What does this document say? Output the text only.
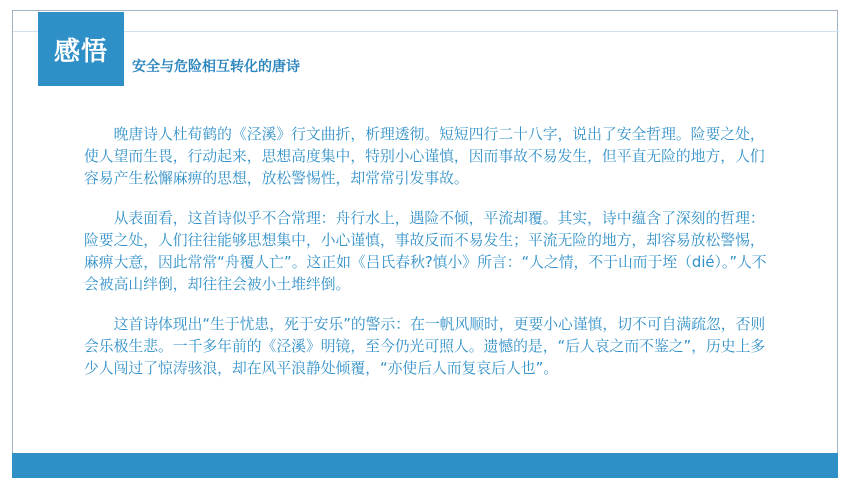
感悟
安全与危险相互转化的唐诗

晚唐诗人杜荀鹤的《泾溪》行文曲折，析理透彻。短短四行二十八字，说出了安全哲理。险要之处，使人望而生畏，行动起来，思想高度集中，特别小心谨慎，因而事故不易发生，但平直无险的地方，人们容易产生松懈麻痹的思想，放松警惕性，却常常引发事故。

从表面看，这首诗似乎不合常理：舟行水上，遇险不倾，平流却覆。其实，诗中蕴含了深刻的哲理：险要之处，人们往往能够思想集中，小心谨慎，事故反而不易发生；平流无险的地方，却容易放松警惕，麻痹大意，因此常常“舟覆人亡”。这正如《吕氏春秋?慎小》所言：“人之情，不于山而于垤（dié）。”人不会被高山绊倒，却往往会被小土堆绊倒。

这首诗体现出“生于忧患，死于安乐”的警示：在一帆风顺时，更要小心谨慎，切不可自满疏忽，否则会乐极生悲。一千多年前的《泾溪》明镜，至今仍光可照人。遗憾的是，“后人哀之而不鉴之”，历史上多少人闯过了惊涛骇浪，却在风平浪静处倾覆，“亦使后人而复哀后人也”。
